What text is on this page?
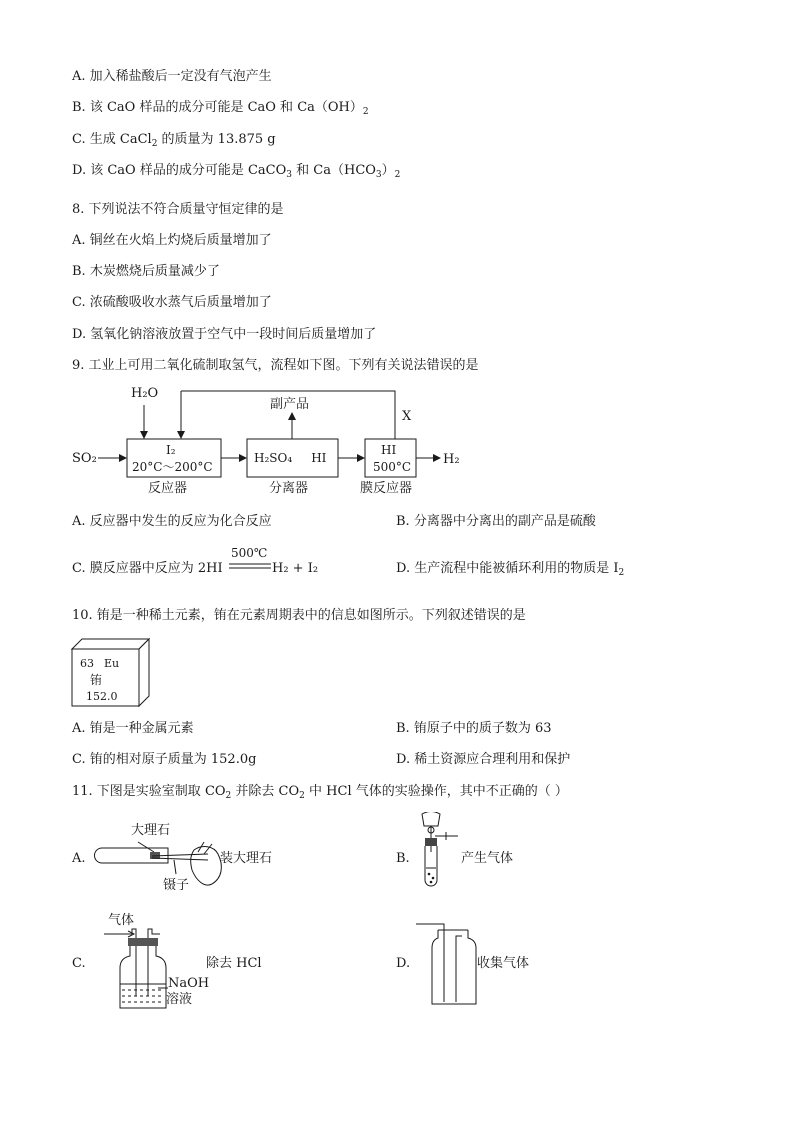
A. 加入稀盐酸后一定没有气泡产生
B. 该 CaO 样品的成分可能是 CaO 和 $Ca(OH)_2$
C. 生成 CaCl$_2$ 的质量为 13.875 g
D. 该 CaO 样品的成分可能是 CaCO$_3$ 和 $Ca(HCO_3)_2$
8. 下列说法不符合质量守恒定律的是
A. 铜丝在火焰上灼烧后质量增加了
B. 木炭燃烧后质量减少了
C. 浓硫酸吸收水蒸气后质量增加了
D. 氢氧化钠溶液放置于空气中一段时间后质量增加了
9. 工业上可用二氧化硫制取氢气，流程如下图。下列有关说法错误的是
H₂O
SO₂
副产品
X
H₂
I₂
20°C～200°C
反应器
H₂SO₄     HI
分离器
HI
500°C
膜反应器
A. 反应器中发生的反应为化合反应	B. 分离器中分离出的副产品是硫酸
C. 膜反应器中反应为 2HI
500℃
H₂ + I₂	D. 生产流程中能被循环利用的物质是 $I_2$
10. 铕是一种稀土元素，铕在元素周期表中的信息如图所示。下列叙述错误的是
63 Eu
铕
152.0
A. 铕是一种金属元素	B. 铕原子中的质子数为 63
C. 铕的相对原子质量为 152.0g	D. 稀土资源应合理利用和保护
11. 下图是实验室制取 $CO_2$ 并除去 $CO_2$ 中 HCl 气体的实验操作，其中不正确的（ ）
A.
大理石
镊子
装大理石	B.	产生气体
C.
气体
NaOH
溶液
除去 HCl	D.	收集气体
